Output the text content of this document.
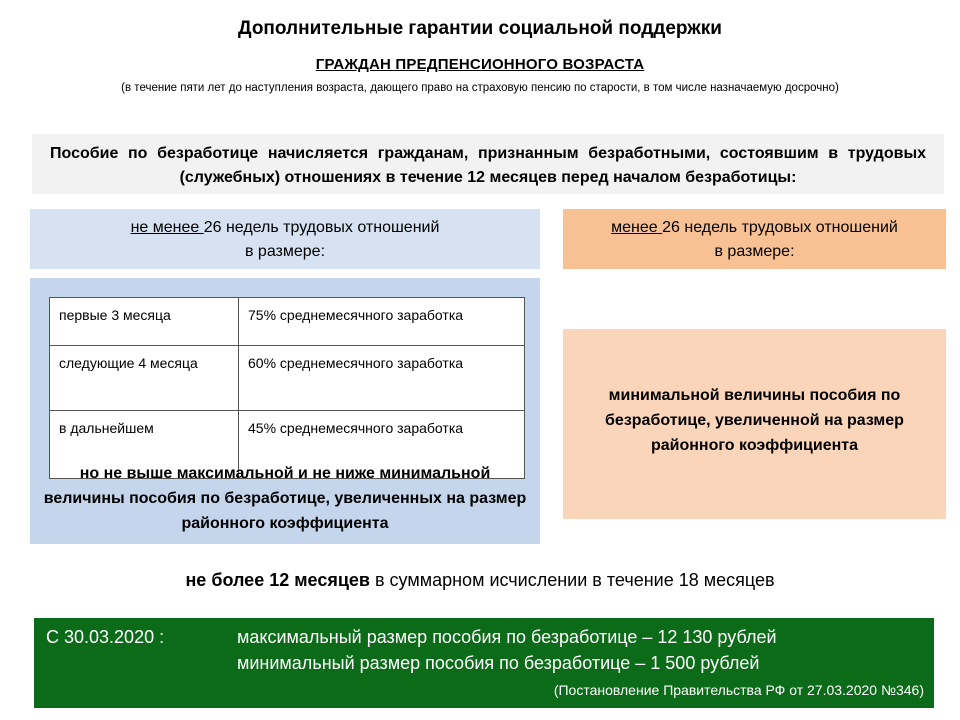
Дополнительные гарантии социальной поддержки
ГРАЖДАН ПРЕДПЕНСИОННОГО ВОЗРАСТА
(в течение пяти лет до наступления возраста, дающего право на страховую пенсию по старости, в том числе назначаемую досрочно)
Пособие по безработице начисляется гражданам, признанным безработными, состоявшим в трудовых (служебных) отношениях в течение 12 месяцев перед началом безработицы:
не менее 26 недель трудовых отношений
в размере:
менее 26 недель трудовых отношений
в размере:
первые 3 месяца	75% среднемесячного заработка
следующие 4 месяца	60% среднемесячного заработка
в дальнейшем	45% среднемесячного заработка
но не выше максимальной и не ниже минимальной величины пособия по безработице, увеличенных на размер районного коэффициента
минимальной величины пособия по безработице, увеличенной на размер районного коэффициента
не более 12 месяцев в суммарном исчислении в течение 18 месяцев
С 30.03.2020 :	максимальный размер пособия по безработице – 12 130 рублей
минимальный размер пособия по безработице – 1 500 рублей
(Постановление Правительства РФ от 27.03.2020 №346)
